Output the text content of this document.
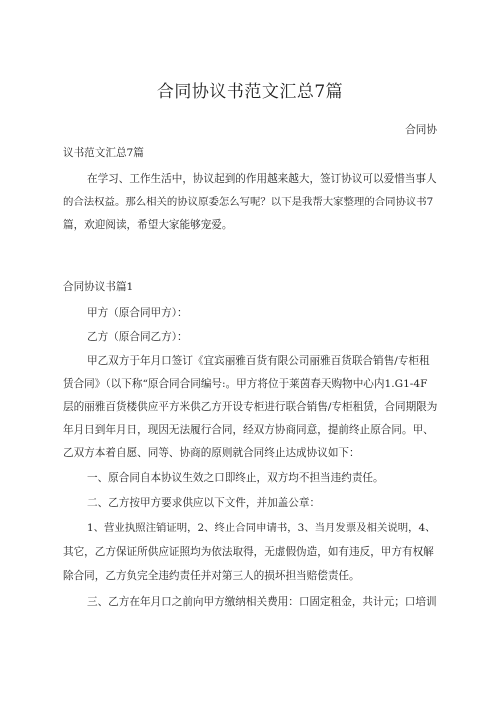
合同协议书范文汇总7篇
合同协
议书范文汇总7篇
在学习、工作生活中，协议起到的作用越来越大，签订协议可以爱惜当事人
的合法权益。那么相关的协议原委怎么写呢？以下是我帮大家整理的合同协议书7
篇，欢迎阅读，希望大家能够宠爱。
合同协议书篇1
甲方（原合同甲方）：
乙方（原合同乙方）：
甲乙双方于年月口签订《宜宾丽雅百货有限公司丽雅百货联合销售/专柜租
赁合同》（以下称“原合同合同编号:。甲方将位于莱茵春天购物中心内1.G1-4F
层的丽雅百货楼供应平方米供乙方开设专柜进行联合销售/专柜租赁，合同期限为
年月日到年月日，现因无法履行合同，经双方协商同意，提前终止原合同。甲、
乙双方本着自愿、同等、协商的原则就合同终止达成协议如下：
一、原合同自本协议生效之口即终止，双方均不担当违约责任。
二、乙方按甲方要求供应以下文件，并加盖公章：
1、营业执照注销证明，2、终止合同申请书，3、当月发票及相关说明，4、
其它，乙方保证所供应证照均为依法取得，无虚假伪造，如有违反，甲方有权解
除合同，乙方负完全违约责任并对第三人的损坏担当赔偿责任。
三、乙方在年月口之前向甲方缴纳相关费用：口固定租金，共计元；口培训
